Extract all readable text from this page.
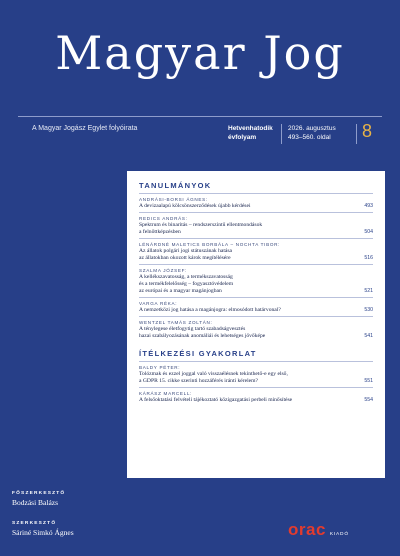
Magyar Jog
A Magyar Jogász Egylet folyóirata	Hetvenhatodik
évfolyam
2026. augusztus
493–560. oldal 8
TANULMÁNYOK
ANDRÁSI-BORSI ÁGNES:
A devizaalapú kölcsönszerződések újabb kérdései	493
REDICS ANDRÁS:
Spektrum és binaritás – rendszerszintű ellentmondások
a felnőttképzésben	504
LÉNÁRDNÉ MALETICS BORBÁLA – NOCHTA TIBOR:
Az állatok polgári jogi státuszának hatása
az állatokban okozott károk megítélésére	516
SZALMA JÓZSEF:
A kellékszavatosság, a termékszavatosság
és a termékfelelősség – fogyasztóvédelem
az európai és a magyar magánjogban	521
VARGA RÉKA:
A nemzetközi jog hatása a magánjogra: elmosódott határvonal?	530
WENTZEL TAMÁS ZOLTÁN:
A ténylegese életfogytig tartó szabadságvesztés
hazai szabályozásának anomáliái és lehetséges jövőképe	541
ÍTÉLKEZÉSI GYAKORLAT
BALDY PÉTER:
Tolózmak és ezzel joggal való visszaélésnek tekinthető-e egy első,
a GDPR 15. cikke szerinti hozzáférés iránti kérelem?	551
KÁRÁSZ MARCELL:
A felsőoktatási felvételi tájékoztató közigazgatási perbeli minősítése	554
FŐSZERKESZTŐ
Bodzási Balázs
SZERKESZTŐ
Sáriné Simkó Ágnes	orac KIADÓ
